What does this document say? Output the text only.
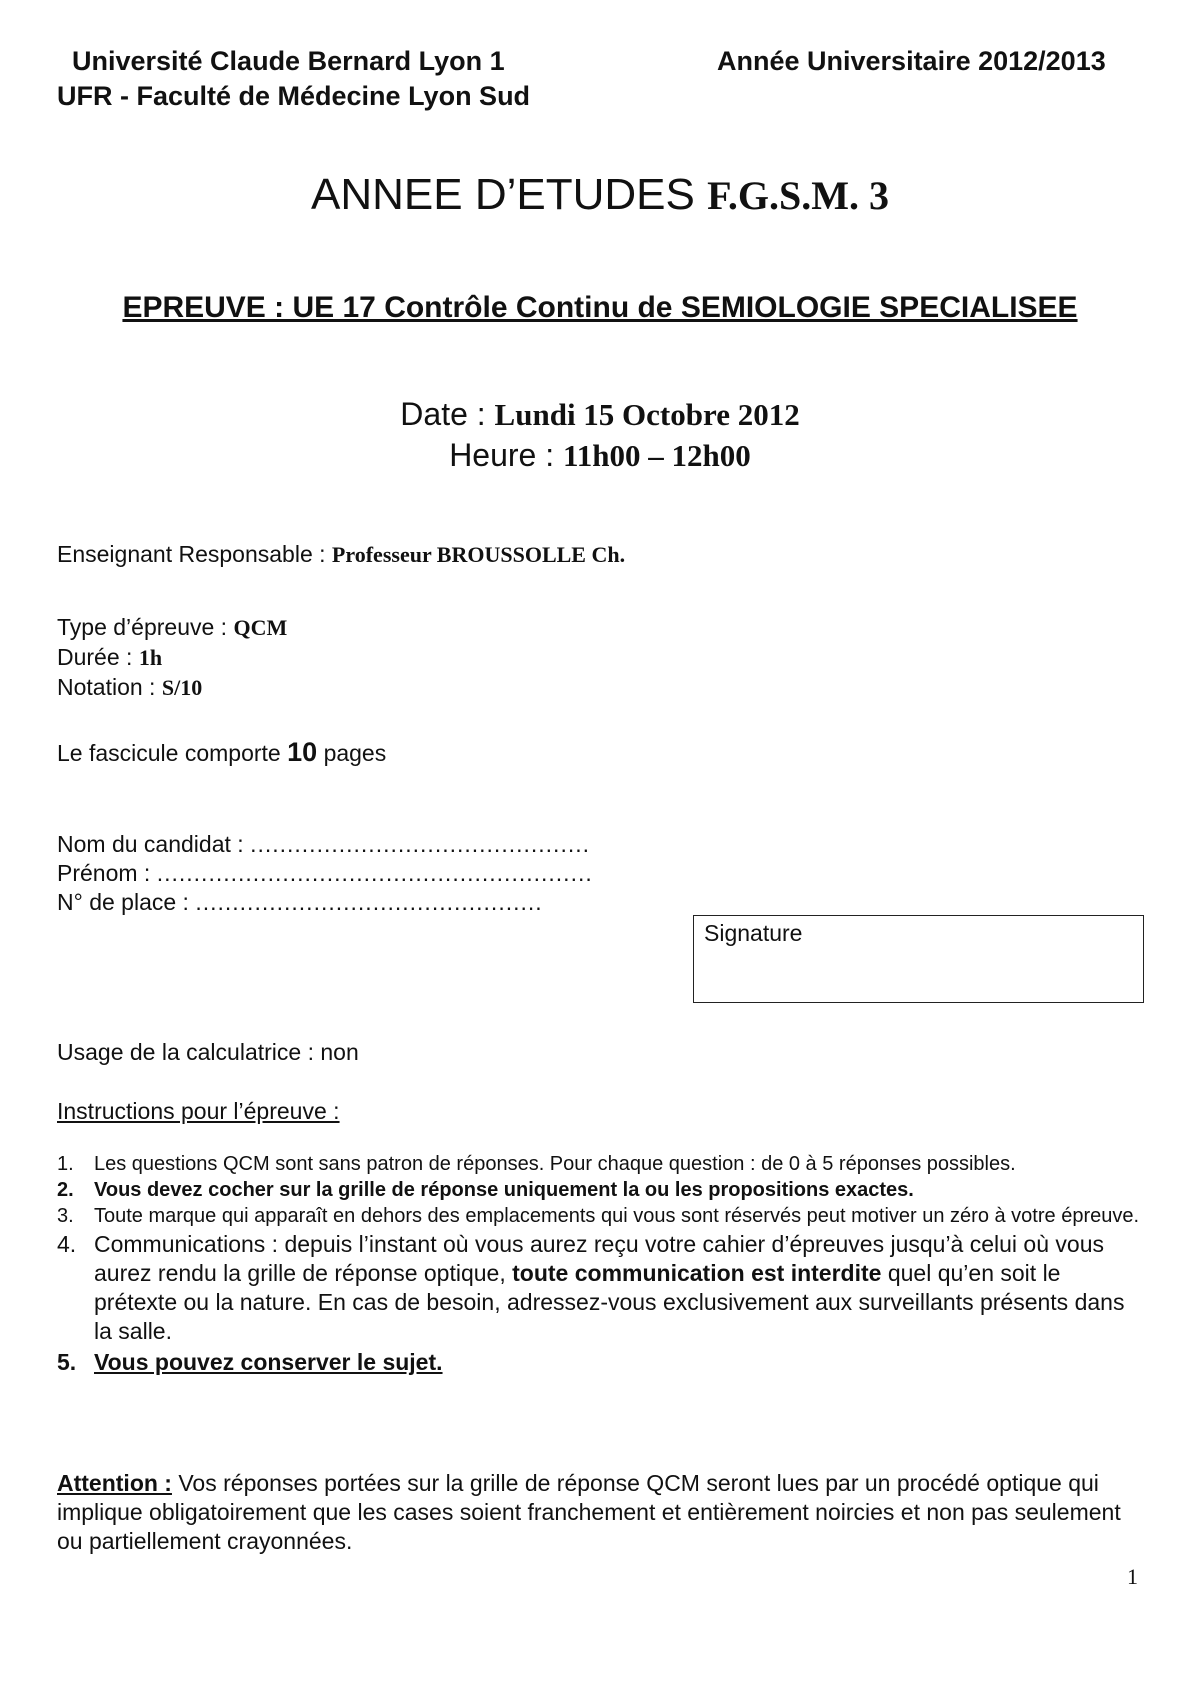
Université Claude Bernard Lyon 1
UFR - Faculté de Médecine Lyon Sud
Année Universitaire 2012/2013
ANNEE D’ETUDES F.G.S.M. 3
EPREUVE : UE 17 Contrôle Continu de SEMIOLOGIE SPECIALISEE
Date : Lundi 15 Octobre 2012
Heure : 11h00 – 12h00
Enseignant Responsable : Professeur BROUSSOLLE Ch.
Type d’épreuve : QCM
Durée : 1h
Notation : S/10
Le fascicule comporte 10 pages
Nom du candidat : ..............................................
Prénom : ...........................................................
N° de place : ...............................................
Signature
Usage de la calculatrice : non
Instructions pour l’épreuve :
1. Les questions QCM sont sans patron de réponses. Pour chaque question : de 0 à 5 réponses possibles.
2. Vous devez cocher sur la grille de réponse uniquement la ou les propositions exactes.
3. Toute marque qui apparaît en dehors des emplacements qui vous sont réservés peut motiver un zéro à votre épreuve.
4. Communications : depuis l’instant où vous aurez reçu votre cahier d’épreuves jusqu’à celui où vous aurez rendu la grille de réponse optique, toute communication est interdite quel qu’en soit le prétexte ou la nature. En cas de besoin, adressez-vous exclusivement aux surveillants présents dans la salle.
5. Vous pouvez conserver le sujet.
Attention : Vos réponses portées sur la grille de réponse QCM seront lues par un procédé optique qui implique obligatoirement que les cases soient franchement et entièrement noircies et non pas seulement ou partiellement crayonnées.
1
